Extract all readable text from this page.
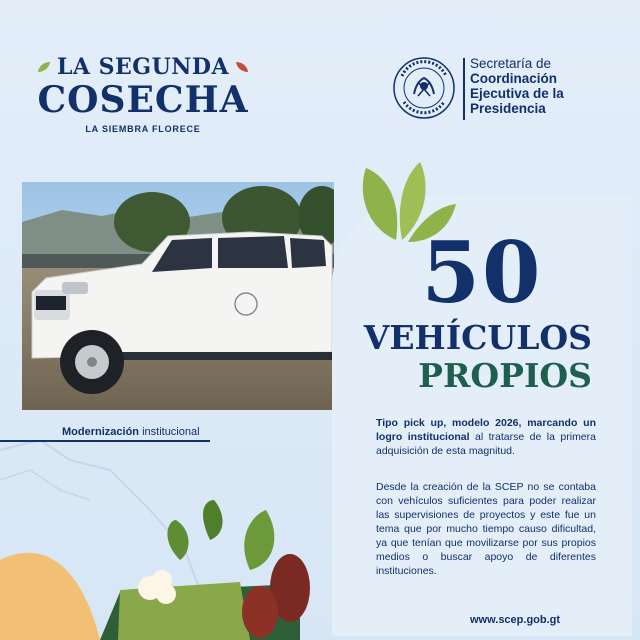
LA SEGUNDA
COSECHA
LA SIEMBRA FLORECE
Secretaría de
Coordinación
Ejecutiva de la
Presidencia
50
VEHÍCULOS
PROPIOS
Tipo pick up, modelo 2026, marcando un logro institucional al tratarse de la primera adquisición de esta magnitud.
Desde la creación de la SCEP no se contaba con vehículos suficientes para poder realizar las supervisiones de proyectos y este fue un tema que por mucho tiempo causo dificultad, ya que tenían que movilizarse por sus propios medios o buscar apoyo de diferentes instituciones.
Modernización institucional
www.scep.gob.gt
